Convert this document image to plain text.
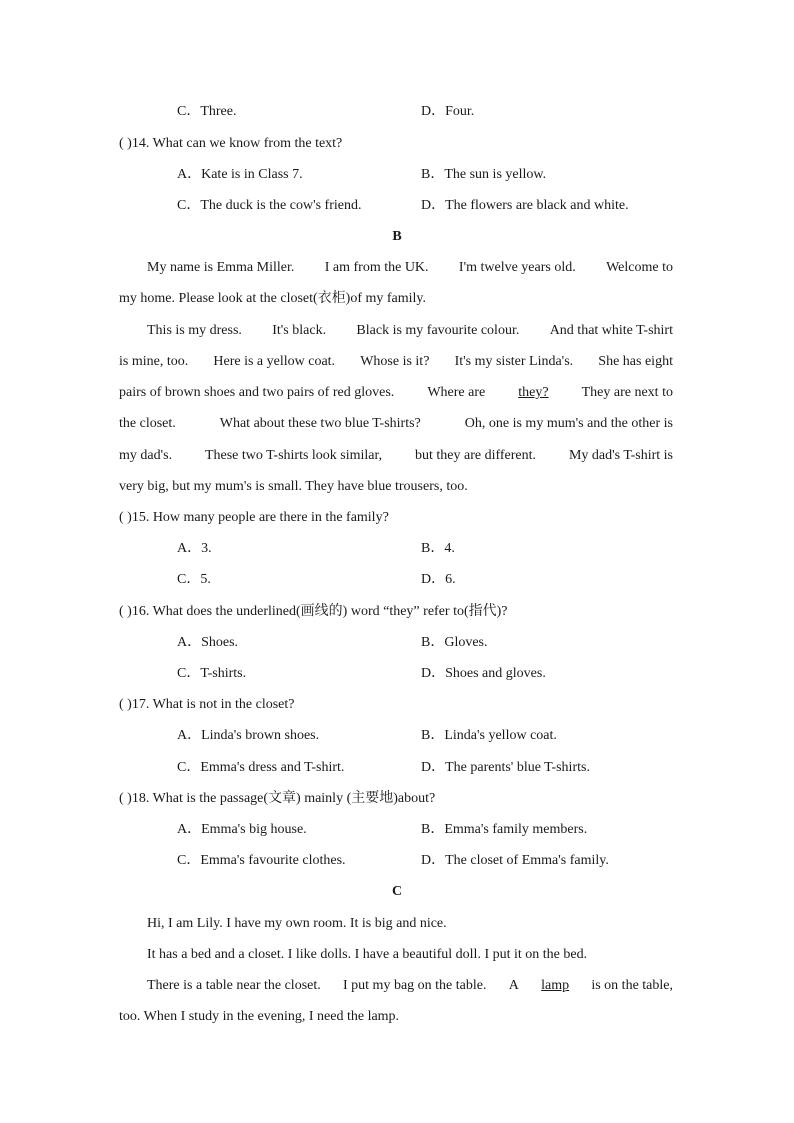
C．Three.	D．Four.
( )14. What can we know from the text?
A．Kate is in Class 7.	B．The sun is yellow.
C．The duck is the cow's friend.	D．The flowers are black and white.
B
My name is Emma Miller. I am from the UK. I'm twelve years old. Welcome to
my home. Please look at the closet(衣柜)of my family.
This is my dress. It's black. Black is my favourite colour. And that white T-shirt
is mine, too. Here is a yellow coat. Whose is it? It's my sister Linda's. She has eight
pairs of brown shoes and two pairs of red gloves. Where are they? They are next to
the closet.	What about these two blue T-shirts?	Oh, one is my mum's and the other is
my dad's. These two T-shirts look similar, but they are different. My dad's T-shirt is
very big, but my mum's is small. They have blue trousers, too.
( )15. How many people are there in the family?
A．3.	B．4.
C．5.	D．6.
( )16. What does the underlined(画线的) word “they” refer to(指代)?
A．Shoes.	B．Gloves.
C．T-shirts.	D．Shoes and gloves.
( )17. What is not in the closet?
A．Linda's brown shoes.	B．Linda's yellow coat.
C．Emma's dress and T-shirt.	D．The parents' blue T-shirts.
( )18. What is the passage(文章) mainly (主要地)about?
A．Emma's big house.	B．Emma's family members.
C．Emma's favourite clothes.	D．The closet of Emma's family.
C
Hi, I am Lily. I have my own room. It is big and nice.
It has a bed and a closet. I like dolls. I have a beautiful doll. I put it on the bed.
There is a table near the closet. I put my bag on the table. A lamp is on the table,
too. When I study in the evening, I need the lamp.
